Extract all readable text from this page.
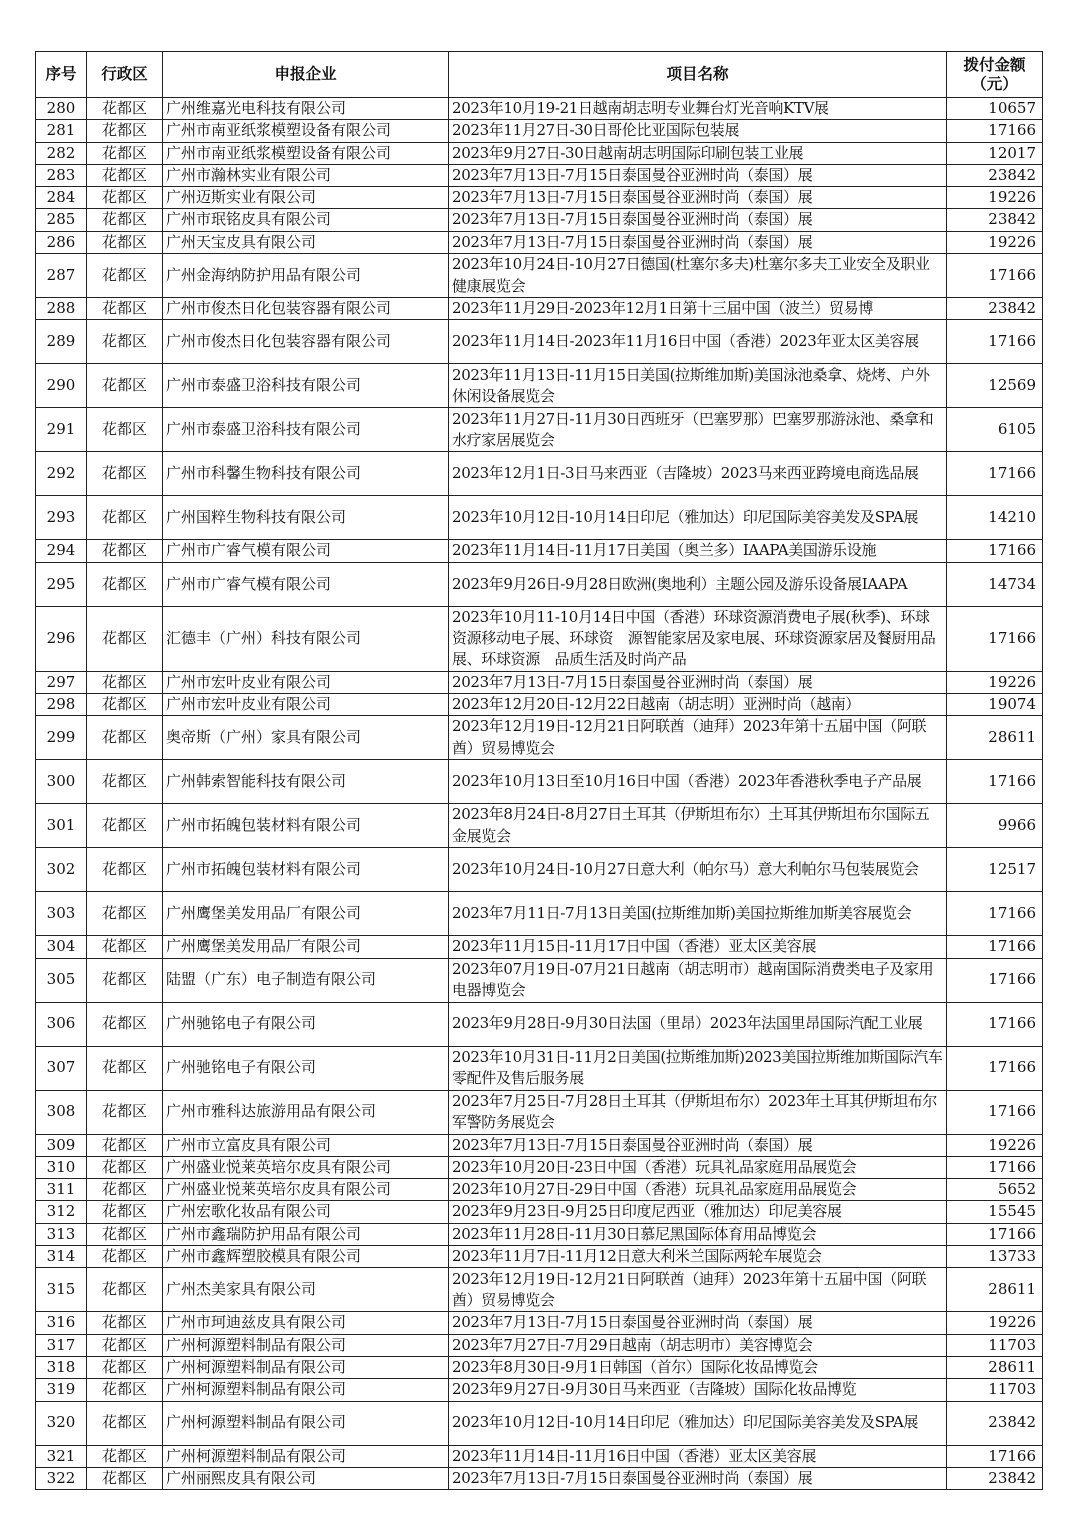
序号	行政区	申报企业	项目名称	拨付金额
（元）
280	花都区	广州维嘉光电科技有限公司	2023年10月19-21日越南胡志明专业舞台灯光音响KTV展	10657
281	花都区	广州市南亚纸浆模塑设备有限公司	2023年11月27日-30日哥伦比亚国际包装展	17166
282	花都区	广州市南亚纸浆模塑设备有限公司	2023年9月27日-30日越南胡志明国际印刷包装工业展	12017
283	花都区	广州市瀚林实业有限公司	2023年7月13日-7月15日泰国曼谷亚洲时尚（泰国）展	23842
284	花都区	广州迈斯实业有限公司	2023年7月13日-7月15日泰国曼谷亚洲时尚（泰国）展	19226
285	花都区	广州市珉铭皮具有限公司	2023年7月13日-7月15日泰国曼谷亚洲时尚（泰国）展	23842
286	花都区	广州天宝皮具有限公司	2023年7月13日-7月15日泰国曼谷亚洲时尚（泰国）展	19226
287	花都区	广州金海纳防护用品有限公司	2023年10月24日-10月27日德国(杜塞尔多夫)杜塞尔多夫工业安全及职业健康展览会	17166
288	花都区	广州市俊杰日化包装容器有限公司	2023年11月29日-2023年12月1日第十三届中国（波兰）贸易博	23842
289	花都区	广州市俊杰日化包装容器有限公司	2023年11月14日-2023年11月16日中国（香港）2023年亚太区美容展	17166
290	花都区	广州市泰盛卫浴科技有限公司	2023年11月13日-11月15日美国(拉斯维加斯)美国泳池桑拿、烧烤、户外休闲设备展览会	12569
291	花都区	广州市泰盛卫浴科技有限公司	2023年11月27日-11月30日西班牙（巴塞罗那）巴塞罗那游泳池、桑拿和水疗家居展览会	6105
292	花都区	广州市科馨生物科技有限公司	2023年12月1日-3日马来西亚（吉隆坡）2023马来西亚跨境电商选品展	17166
293	花都区	广州国粹生物科技有限公司	2023年10月12日-10月14日印尼（雅加达）印尼国际美容美发及SPA展	14210
294	花都区	广州市广睿气模有限公司	2023年11月14日-11月17日美国（奥兰多）IAAPA美国游乐设施	17166
295	花都区	广州市广睿气模有限公司	2023年9月26日-9月28日欧洲(奥地利）主题公园及游乐设备展IAAPA	14734
296	花都区	汇德丰（广州）科技有限公司	2023年10月11-10月14日中国（香港）环球资源消费电子展(秋季)、环球资源移动电子展、环球资　源智能家居及家电展、环球资源家居及餐厨用品展、环球资源　品质生活及时尚产品	17166
297	花都区	广州市宏叶皮业有限公司	2023年7月13日-7月15日泰国曼谷亚洲时尚（泰国）展	19226
298	花都区	广州市宏叶皮业有限公司	2023年12月20日-12月22日越南（胡志明）亚洲时尚（越南）	19074
299	花都区	奥帝斯（广州）家具有限公司	2023年12月19日-12月21日阿联酋（迪拜）2023年第十五届中国（阿联酋）贸易博览会	28611
300	花都区	广州韩索智能科技有限公司	2023年10月13日至10月16日中国（香港）2023年香港秋季电子产品展	17166
301	花都区	广州市拓魄包装材料有限公司	2023年8月24日-8月27日土耳其（伊斯坦布尔）土耳其伊斯坦布尔国际五金展览会	9966
302	花都区	广州市拓魄包装材料有限公司	2023年10月24日-10月27日意大利（帕尔马）意大利帕尔马包装展览会	12517
303	花都区	广州鹰堡美发用品厂有限公司	2023年7月11日-7月13日美国(拉斯维加斯)美国拉斯维加斯美容展览会	17166
304	花都区	广州鹰堡美发用品厂有限公司	2023年11月15日-11月17日中国（香港）亚太区美容展	17166
305	花都区	陆盟（广东）电子制造有限公司	2023年07月19日-07月21日越南（胡志明市）越南国际消费类电子及家用电器博览会	17166
306	花都区	广州驰铭电子有限公司	2023年9月28日-9月30日法国（里昂）2023年法国里昂国际汽配工业展	17166
307	花都区	广州驰铭电子有限公司	2023年10月31日-11月2日美国(拉斯维加斯)2023美国拉斯维加斯国际汽车零配件及售后服务展	17166
308	花都区	广州市雅科达旅游用品有限公司	2023年7月25日-7月28日土耳其（伊斯坦布尔）2023年土耳其伊斯坦布尔军警防务展览会	17166
309	花都区	广州市立富皮具有限公司	2023年7月13日-7月15日泰国曼谷亚洲时尚（泰国）展	19226
310	花都区	广州盛业悦莱英培尔皮具有限公司	2023年10月20日-23日中国（香港）玩具礼品家庭用品展览会	17166
311	花都区	广州盛业悦莱英培尔皮具有限公司	2023年10月27日-29日中国（香港）玩具礼品家庭用品展览会	5652
312	花都区	广州宏歌化妆品有限公司	2023年9月23日-9月25日印度尼西亚（雅加达）印尼美容展	15545
313	花都区	广州市鑫瑞防护用品有限公司	2023年11月28日-11月30日慕尼黑国际体育用品博览会	17166
314	花都区	广州市鑫辉塑胶模具有限公司	2023年11月7日-11月12日意大利米兰国际两轮车展览会	13733
315	花都区	广州杰美家具有限公司	2023年12月19日-12月21日阿联酋（迪拜）2023年第十五届中国（阿联酋）贸易博览会	28611
316	花都区	广州市珂迪兹皮具有限公司	2023年7月13日-7月15日泰国曼谷亚洲时尚（泰国）展	19226
317	花都区	广州柯源塑料制品有限公司	2023年7月27日-7月29日越南（胡志明市）美容博览会	11703
318	花都区	广州柯源塑料制品有限公司	2023年8月30日-9月1日韩国（首尔）国际化妆品博览会	28611
319	花都区	广州柯源塑料制品有限公司	2023年9月27日-9月30日马来西亚（吉隆坡）国际化妆品博览	11703
320	花都区	广州柯源塑料制品有限公司	2023年10月12日-10月14日印尼（雅加达）印尼国际美容美发及SPA展	23842
321	花都区	广州柯源塑料制品有限公司	2023年11月14日-11月16日中国（香港）亚太区美容展	17166
322	花都区	广州丽熙皮具有限公司	2023年7月13日-7月15日泰国曼谷亚洲时尚（泰国）展	23842
